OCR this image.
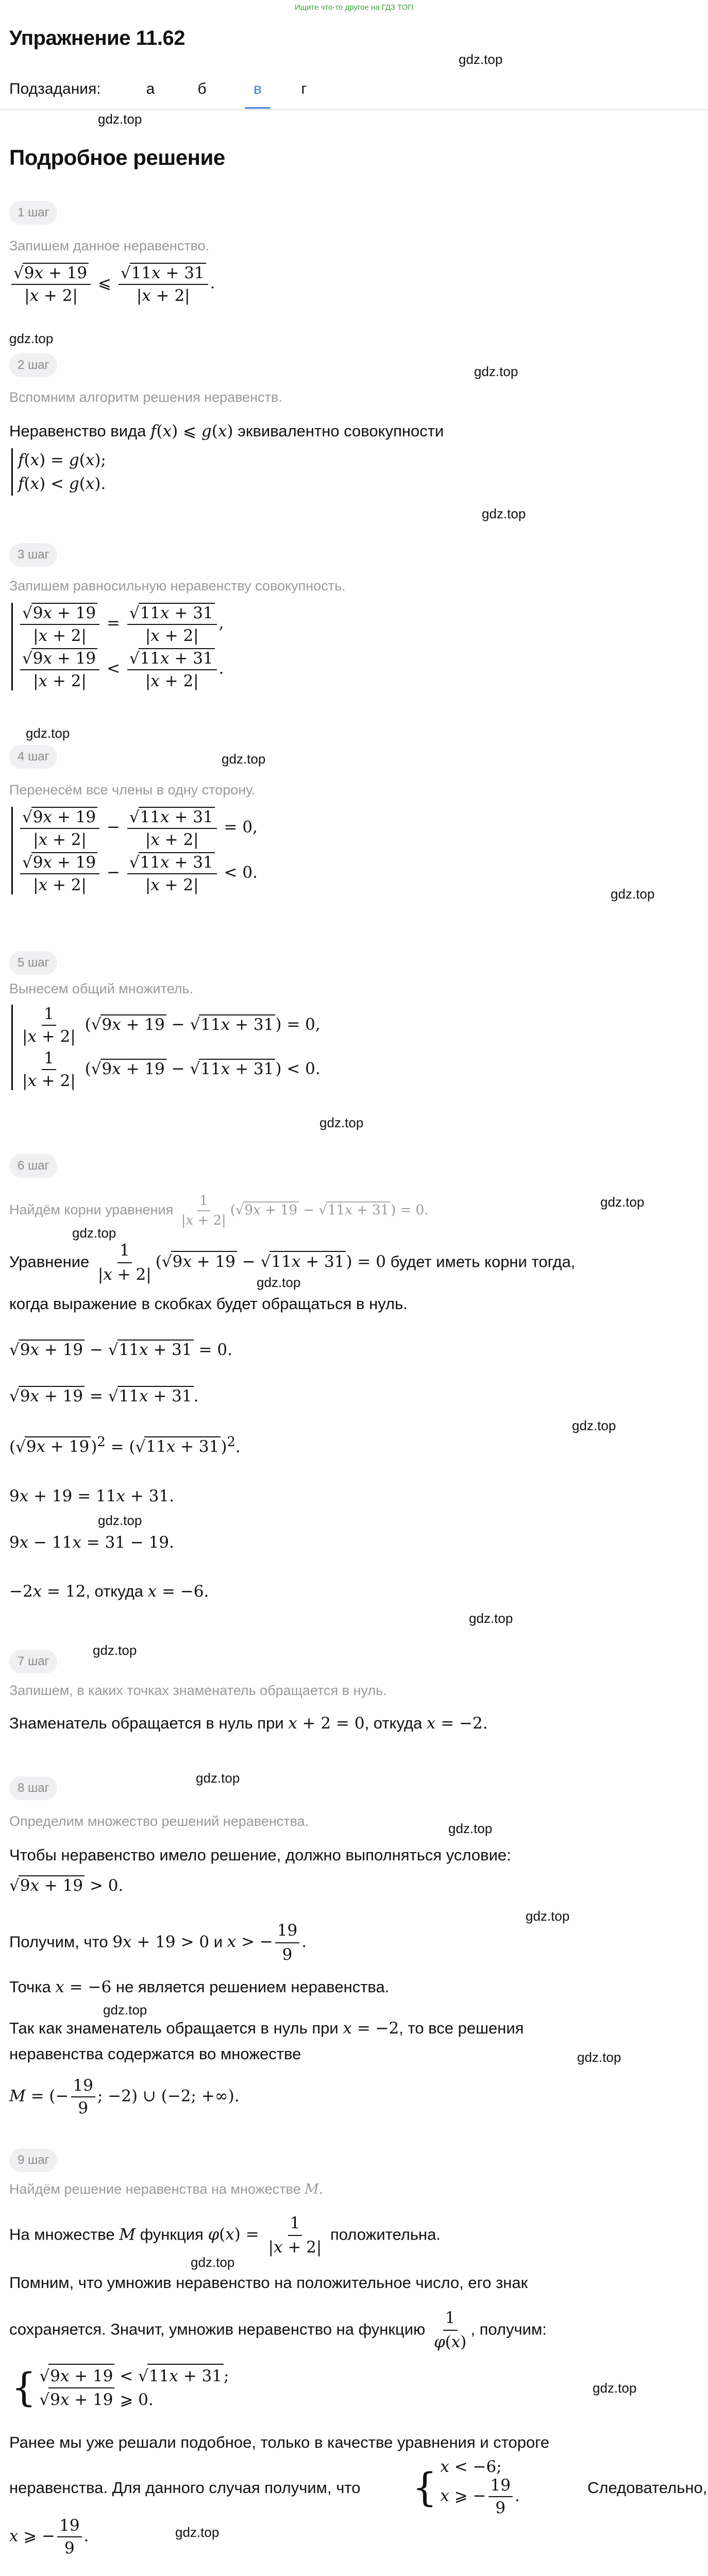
Ищите что-то другое на ГДЗ ТОП
Упражнение 11.62
Подзадания:	а	б	в	г
gdz.top
gdz.top
Подробное решение
1 шаг
Запишем данное неравенство.
$\frac{√9x + 19}{|x + 2|}$ ⩽ $\frac{√11x + 31}{|x + 2|}$ .
gdz.top
2 шаг	gdz.top
Вспомним алгоритм решения неравенств.
Неравенство вида f(x) ⩽ g(x) эквивалентно совокупности
f(x) = g(x);
f(x) < g(x).
gdz.top
3 шаг
Запишем равносильную неравенству совокупность.
$\frac{√9x + 19}{|x + 2|} = \frac{√11x + 31}{|x + 2|}$ ,
$\frac{√9x + 19}{|x + 2|} < \frac{√11x + 31}{|x + 2|}$ .
gdz.top
4 шаг	gdz.top
Перенесём все члены в одну сторону.
$\frac{√9x + 19}{|x + 2|} - \frac{√11x + 31}{|x + 2|} = 0$,
$\frac{√9x + 19}{|x + 2|} - \frac{√11x + 31}{|x + 2|} < 0$.
gdz.top
5 шаг
Вынесем общий множитель.
$\frac{1}{|x + 2|} (√9x + 19 - √11x + 31) = 0$,
$\frac{1}{|x + 2|} (√9x + 19 - √11x + 31) < 0$.
gdz.top
6 шаг
Найдём корни уравнения $\frac{1}{|x + 2|} (√9x + 19 - √11x + 31$ ) = 0.
gdz.top
gdz.top
Уравнение $\frac{1}{|x + 2|} (√9x + 19 - √11x + 31) = 0$ будет иметь корни тогда,
gdz.top
когда выражение в скобках будет обращаться в нуль.
√9x + 19 − √11x + 31 = 0.
√9x + 19 = √11x + 31.
gdz.top
$(√9x + 19)^2 = (√11x + 31)^2$.
9x + 19 = 11x + 31.
gdz.top
9x − 11x = 31 − 19.
−2x = 12, откуда x = −6.
gdz.top
7 шаг
gdz.top
Запишем, в каких точках знаменатель обращается в нуль.
Знаменатель обращается в нуль при x + 2 = 0, откуда x = −2.
gdz.top
8 шаг
Определим множество решений неравенства.	gdz.top
Чтобы неравенство имело решение, должно выполняться условие:
√9x + 19 > 0.
gdz.top
Получим, что 9x + 19 > 0 и x > − $\frac{19}{9}$ .
Точка x = −6 не является решением неравенства.
gdz.top
Так как знаменатель обращается в нуль при x = −2, то все решения
gdz.top
неравенства содержатся во множестве
M = (− $\frac{19}{9}$ ; −2) ∪ (−2; +∞).
9 шаг
Найдём решение неравенства на множестве M.
На множестве M функция $\varphi(x) = \frac{1}{|x + 2|}$ положительна.
gdz.top
Помним, что умножив неравенство на положительное число, его знак
сохраняется. Значит, умножив неравенство на функцию $\frac{1}{\varphi(x)}$ , получим:
{ √9x + 19 < √11x + 31;
√9x + 19 ⩾ 0.
gdz.top
Ранее мы уже решали подобное, только в качестве уравнения и стороге
неравенства. Для данного случая получим, что { x < −6;
x ⩾ − $\frac{19}{9}$ .	Следовательно,
x ⩾ − $\frac{19}{9}$ .	gdz.top
